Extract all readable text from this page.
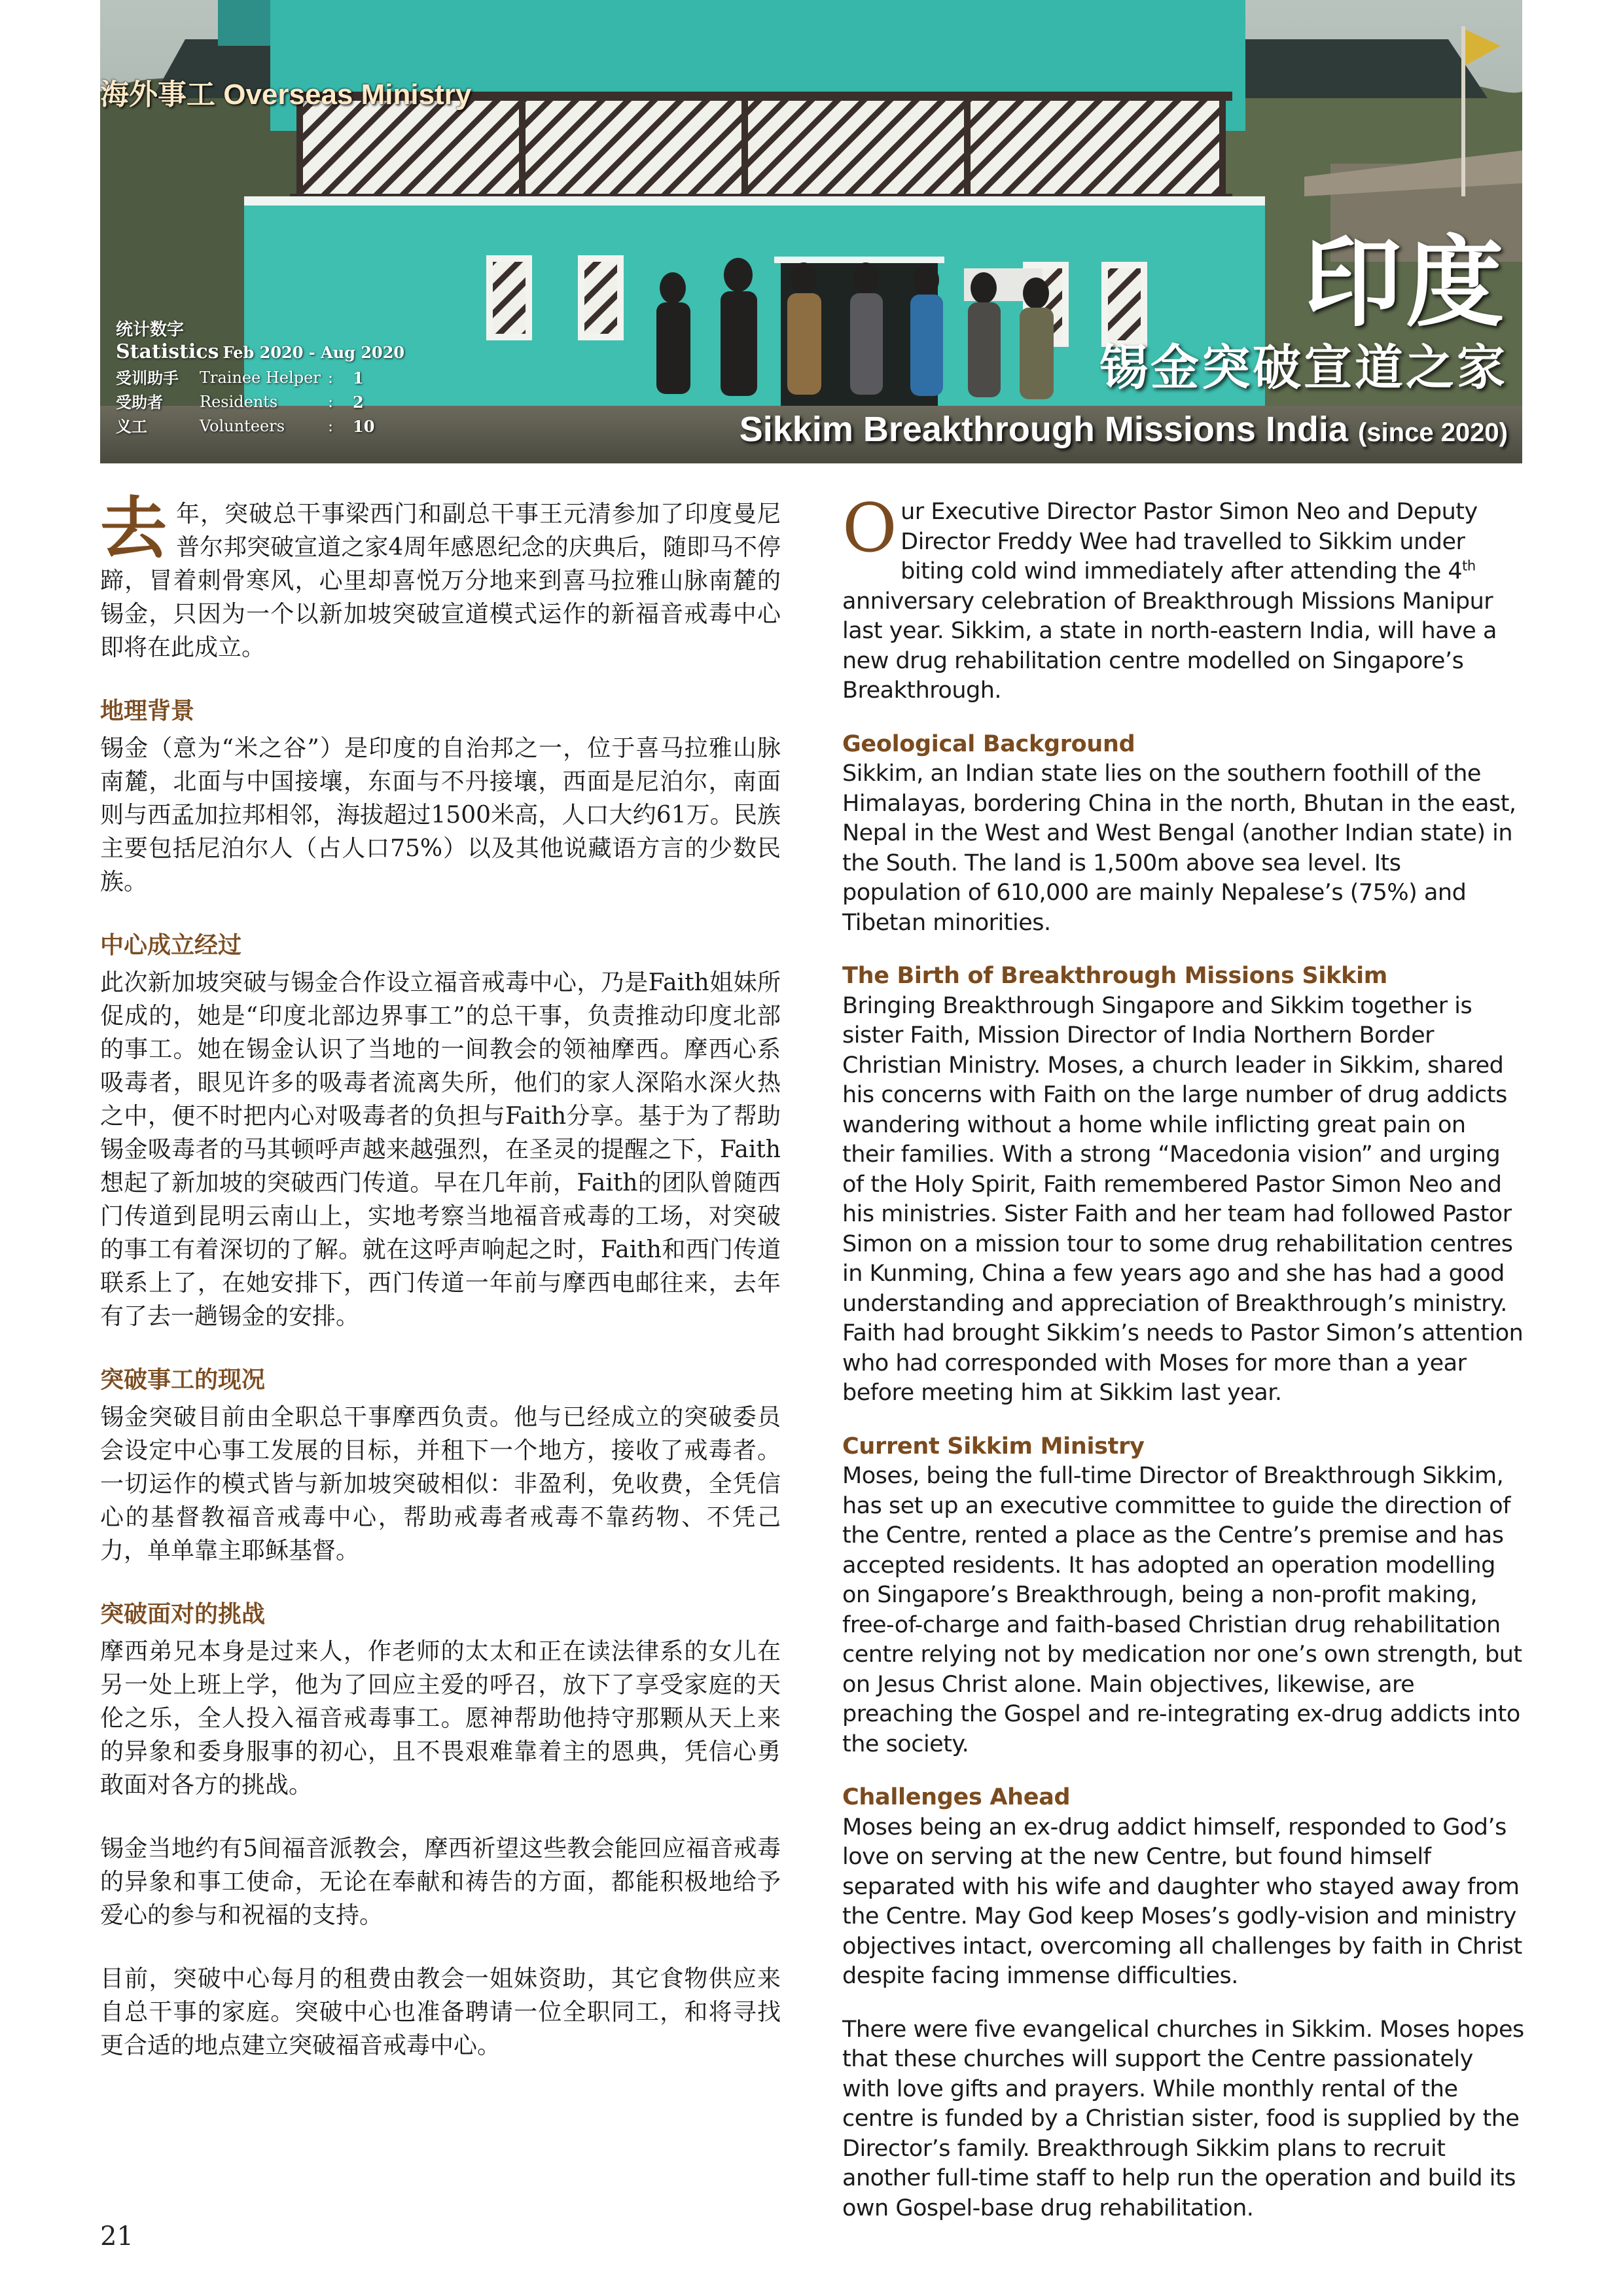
海外事工 Overseas Ministry
统计数字
Statistics Feb 2020 - Aug 2020
受训助手	Trainee Helper	:	1
受助者	Residents	:	2
义工	Volunteers	:	10
印度
锡金突破宣道之家
Sikkim Breakthrough Missions India (since 2020)

去年，突破总干事梁西门和副总干事王元清参加了印度曼尼普尔邦突破宣道之家4周年感恩纪念的庆典后，随即马不停蹄，冒着刺骨寒风，心里却喜悦万分地来到喜马拉雅山脉南麓的锡金，只因为一个以新加坡突破宣道模式运作的新福音戒毒中心即将在此成立。

地理背景

锡金（意为“米之谷”）是印度的自治邦之一，位于喜马拉雅山脉南麓，北面与中国接壤，东面与不丹接壤，西面是尼泊尔，南面则与西孟加拉邦相邻，海拔超过1500米高，人口大约61万。民族主要包括尼泊尔人（占人口75%）以及其他说藏语方言的少数民族。

中心成立经过

此次新加坡突破与锡金合作设立福音戒毒中心，乃是Faith姐妹所促成的，她是“印度北部边界事工”的总干事，负责推动印度北部的事工。她在锡金认识了当地的一间教会的领袖摩西。摩西心系吸毒者，眼见许多的吸毒者流离失所，他们的家人深陷水深火热之中，便不时把内心对吸毒者的负担与Faith分享。基于为了帮助锡金吸毒者的马其顿呼声越来越强烈，在圣灵的提醒之下，Faith想起了新加坡的突破西门传道。早在几年前，Faith的团队曾随西门传道到昆明云南山上，实地考察当地福音戒毒的工场，对突破的事工有着深切的了解。就在这呼声响起之时，Faith和西门传道联系上了，在她安排下，西门传道一年前与摩西电邮往来，去年有了去一趟锡金的安排。

突破事工的现况

锡金突破目前由全职总干事摩西负责。他与已经成立的突破委员会设定中心事工发展的目标，并租下一个地方，接收了戒毒者。一切运作的模式皆与新加坡突破相似：非盈利，免收费，全凭信心的基督教福音戒毒中心，帮助戒毒者戒毒不靠药物、不凭己力，单单靠主耶稣基督。

突破面对的挑战

摩西弟兄本身是过来人，作老师的太太和正在读法律系的女儿在另一处上班上学，他为了回应主爱的呼召，放下了享受家庭的天伦之乐，全人投入福音戒毒事工。愿神帮助他持守那颗从天上来的异象和委身服事的初心，且不畏艰难靠着主的恩典，凭信心勇敢面对各方的挑战。

锡金当地约有5间福音派教会，摩西祈望这些教会能回应福音戒毒的异象和事工使命，无论在奉献和祷告的方面，都能积极地给予爱心的参与和祝福的支持。

目前，突破中心每月的租费由教会一姐妹资助，其它食物供应来自总干事的家庭。突破中心也准备聘请一位全职同工，和将寻找更合适的地点建立突破福音戒毒中心。

Our Executive Director Pastor Simon Neo and Deputy Director Freddy Wee had travelled to Sikkim under biting cold wind immediately after attending the 4th anniversary celebration of Breakthrough Missions Manipur last year. Sikkim, a state in north-eastern India, will have a new drug rehabilitation centre modelled on Singapore’s Breakthrough.

Geological Background

Sikkim, an Indian state lies on the southern foothill of the Himalayas, bordering China in the north, Bhutan in the east, Nepal in the West and West Bengal (another Indian state) in the South. The land is 1,500m above sea level. Its population of 610,000 are mainly Nepalese’s (75%) and Tibetan minorities.

The Birth of Breakthrough Missions Sikkim

Bringing Breakthrough Singapore and Sikkim together is sister Faith, Mission Director of India Northern Border Christian Ministry. Moses, a church leader in Sikkim, shared his concerns with Faith on the large number of drug addicts wandering without a home while inflicting great pain on their families. With a strong “Macedonia vision” and urging of the Holy Spirit, Faith remembered Pastor Simon Neo and his ministries. Sister Faith and her team had followed Pastor Simon on a mission tour to some drug rehabilitation centres in Kunming, China a few years ago and she has had a good understanding and appreciation of Breakthrough’s ministry. Faith had brought Sikkim’s needs to Pastor Simon’s attention who had corresponded with Moses for more than a year before meeting him at Sikkim last year.

Current Sikkim Ministry

Moses, being the full-time Director of Breakthrough Sikkim, has set up an executive committee to guide the direction of the Centre, rented a place as the Centre’s premise and has accepted residents. It has adopted an operation modelling on Singapore’s Breakthrough, being a non-profit making, free-of-charge and faith-based Christian drug rehabilitation centre relying not by medication nor one’s own strength, but on Jesus Christ alone. Main objectives, likewise, are preaching the Gospel and re-integrating ex-drug addicts into the society.

Challenges Ahead

Moses being an ex-drug addict himself, responded to God’s love on serving at the new Centre, but found himself separated with his wife and daughter who stayed away from the Centre. May God keep Moses’s godly-vision and ministry objectives intact, overcoming all challenges by faith in Christ despite facing immense difficulties.

There were five evangelical churches in Sikkim. Moses hopes that these churches will support the Centre passionately with love gifts and prayers. While monthly rental of the centre is funded by a Christian sister, food is supplied by the Director’s family. Breakthrough Sikkim plans to recruit another full-time staff to help run the operation and build its own Gospel-base drug rehabilitation.

21
